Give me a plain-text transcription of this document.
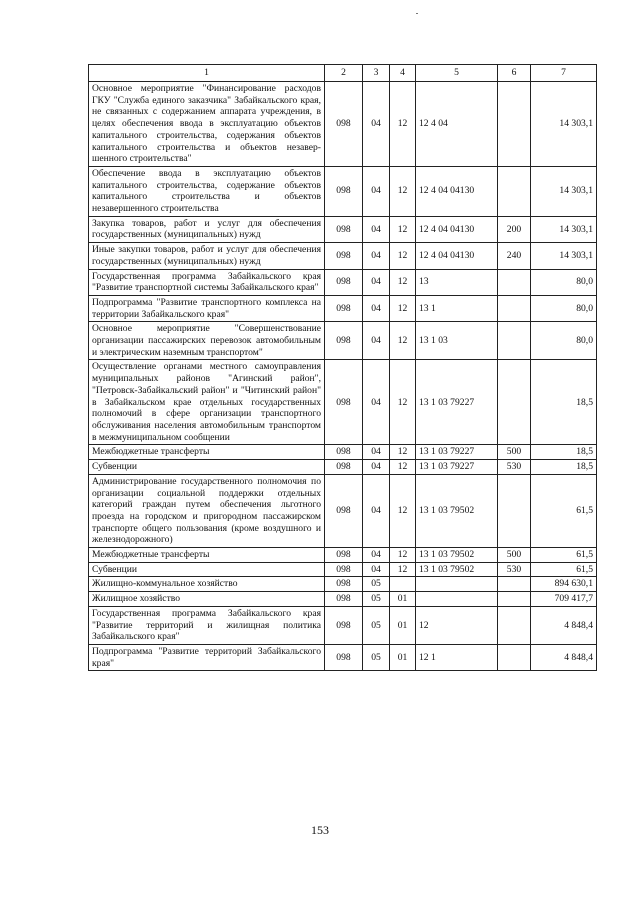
1	2	3	4	5	6	7
Основное мероприятие "Финансирование расходов ГКУ "Служба единого заказчика" Забайкальского края, не связанных с содержанием аппарата учреждения, в целях обеспечения ввода в эксплуатацию объектов капитального строительства, содержания объектов капитального строительства и объектов незавершенного строительства"	098	04	12	12 4 04		14 303,1
Обеспечение ввода в эксплуатацию объектов капитального строительства, содержание объектов капитального строительства и объектов незавершенного строительства	098	04	12	12 4 04 04130		14 303,1
Закупка товаров, работ и услуг для обеспечения государственных (муниципальных) нужд	098	04	12	12 4 04 04130	200	14 303,1
Иные закупки товаров, работ и услуг для обеспечения государственных (муниципальных) нужд	098	04	12	12 4 04 04130	240	14 303,1
Государственная программа Забайкальского края "Развитие транспортной системы Забайкальского края"	098	04	12	13		80,0
Подпрограмма "Развитие транспортного комплекса на территории Забайкальского края"	098	04	12	13 1		80,0
Основное мероприятие "Совершенствование организации пассажирских перевозок автомобильным и электрическим наземным транспортом"	098	04	12	13 1 03		80,0
Осуществление органами местного самоуправления муниципальных районов "Агинский район", "Петровск-Забайкальский район" и "Читинский район" в Забайкальском крае отдельных государственных полномочий в сфере организации транспортного обслуживания населения автомобильным транспортом в межмуниципальном сообщении	098	04	12	13 1 03 79227		18,5
Межбюджетные трансферты	098	04	12	13 1 03 79227	500	18,5
Субвенции	098	04	12	13 1 03 79227	530	18,5
Администрирование государственного полномочия по организации социальной поддержки отдельных категорий граждан путем обеспечения льготного проезда на городском и пригородном пассажирском транспорте общего пользования (кроме воздушного и железнодорожного)	098	04	12	13 1 03 79502		61,5
Межбюджетные трансферты	098	04	12	13 1 03 79502	500	61,5
Субвенции	098	04	12	13 1 03 79502	530	61,5
Жилищно-коммунальное хозяйство	098	05				894 630,1
Жилищное хозяйство	098	05	01			709 417,7
Государственная программа Забайкальского края "Развитие территорий и жилищная политика Забайкальского края"	098	05	01	12		4 848,4
Подпрограмма "Развитие территорий Забайкальского края"	098	05	01	12 1		4 848,4
153
